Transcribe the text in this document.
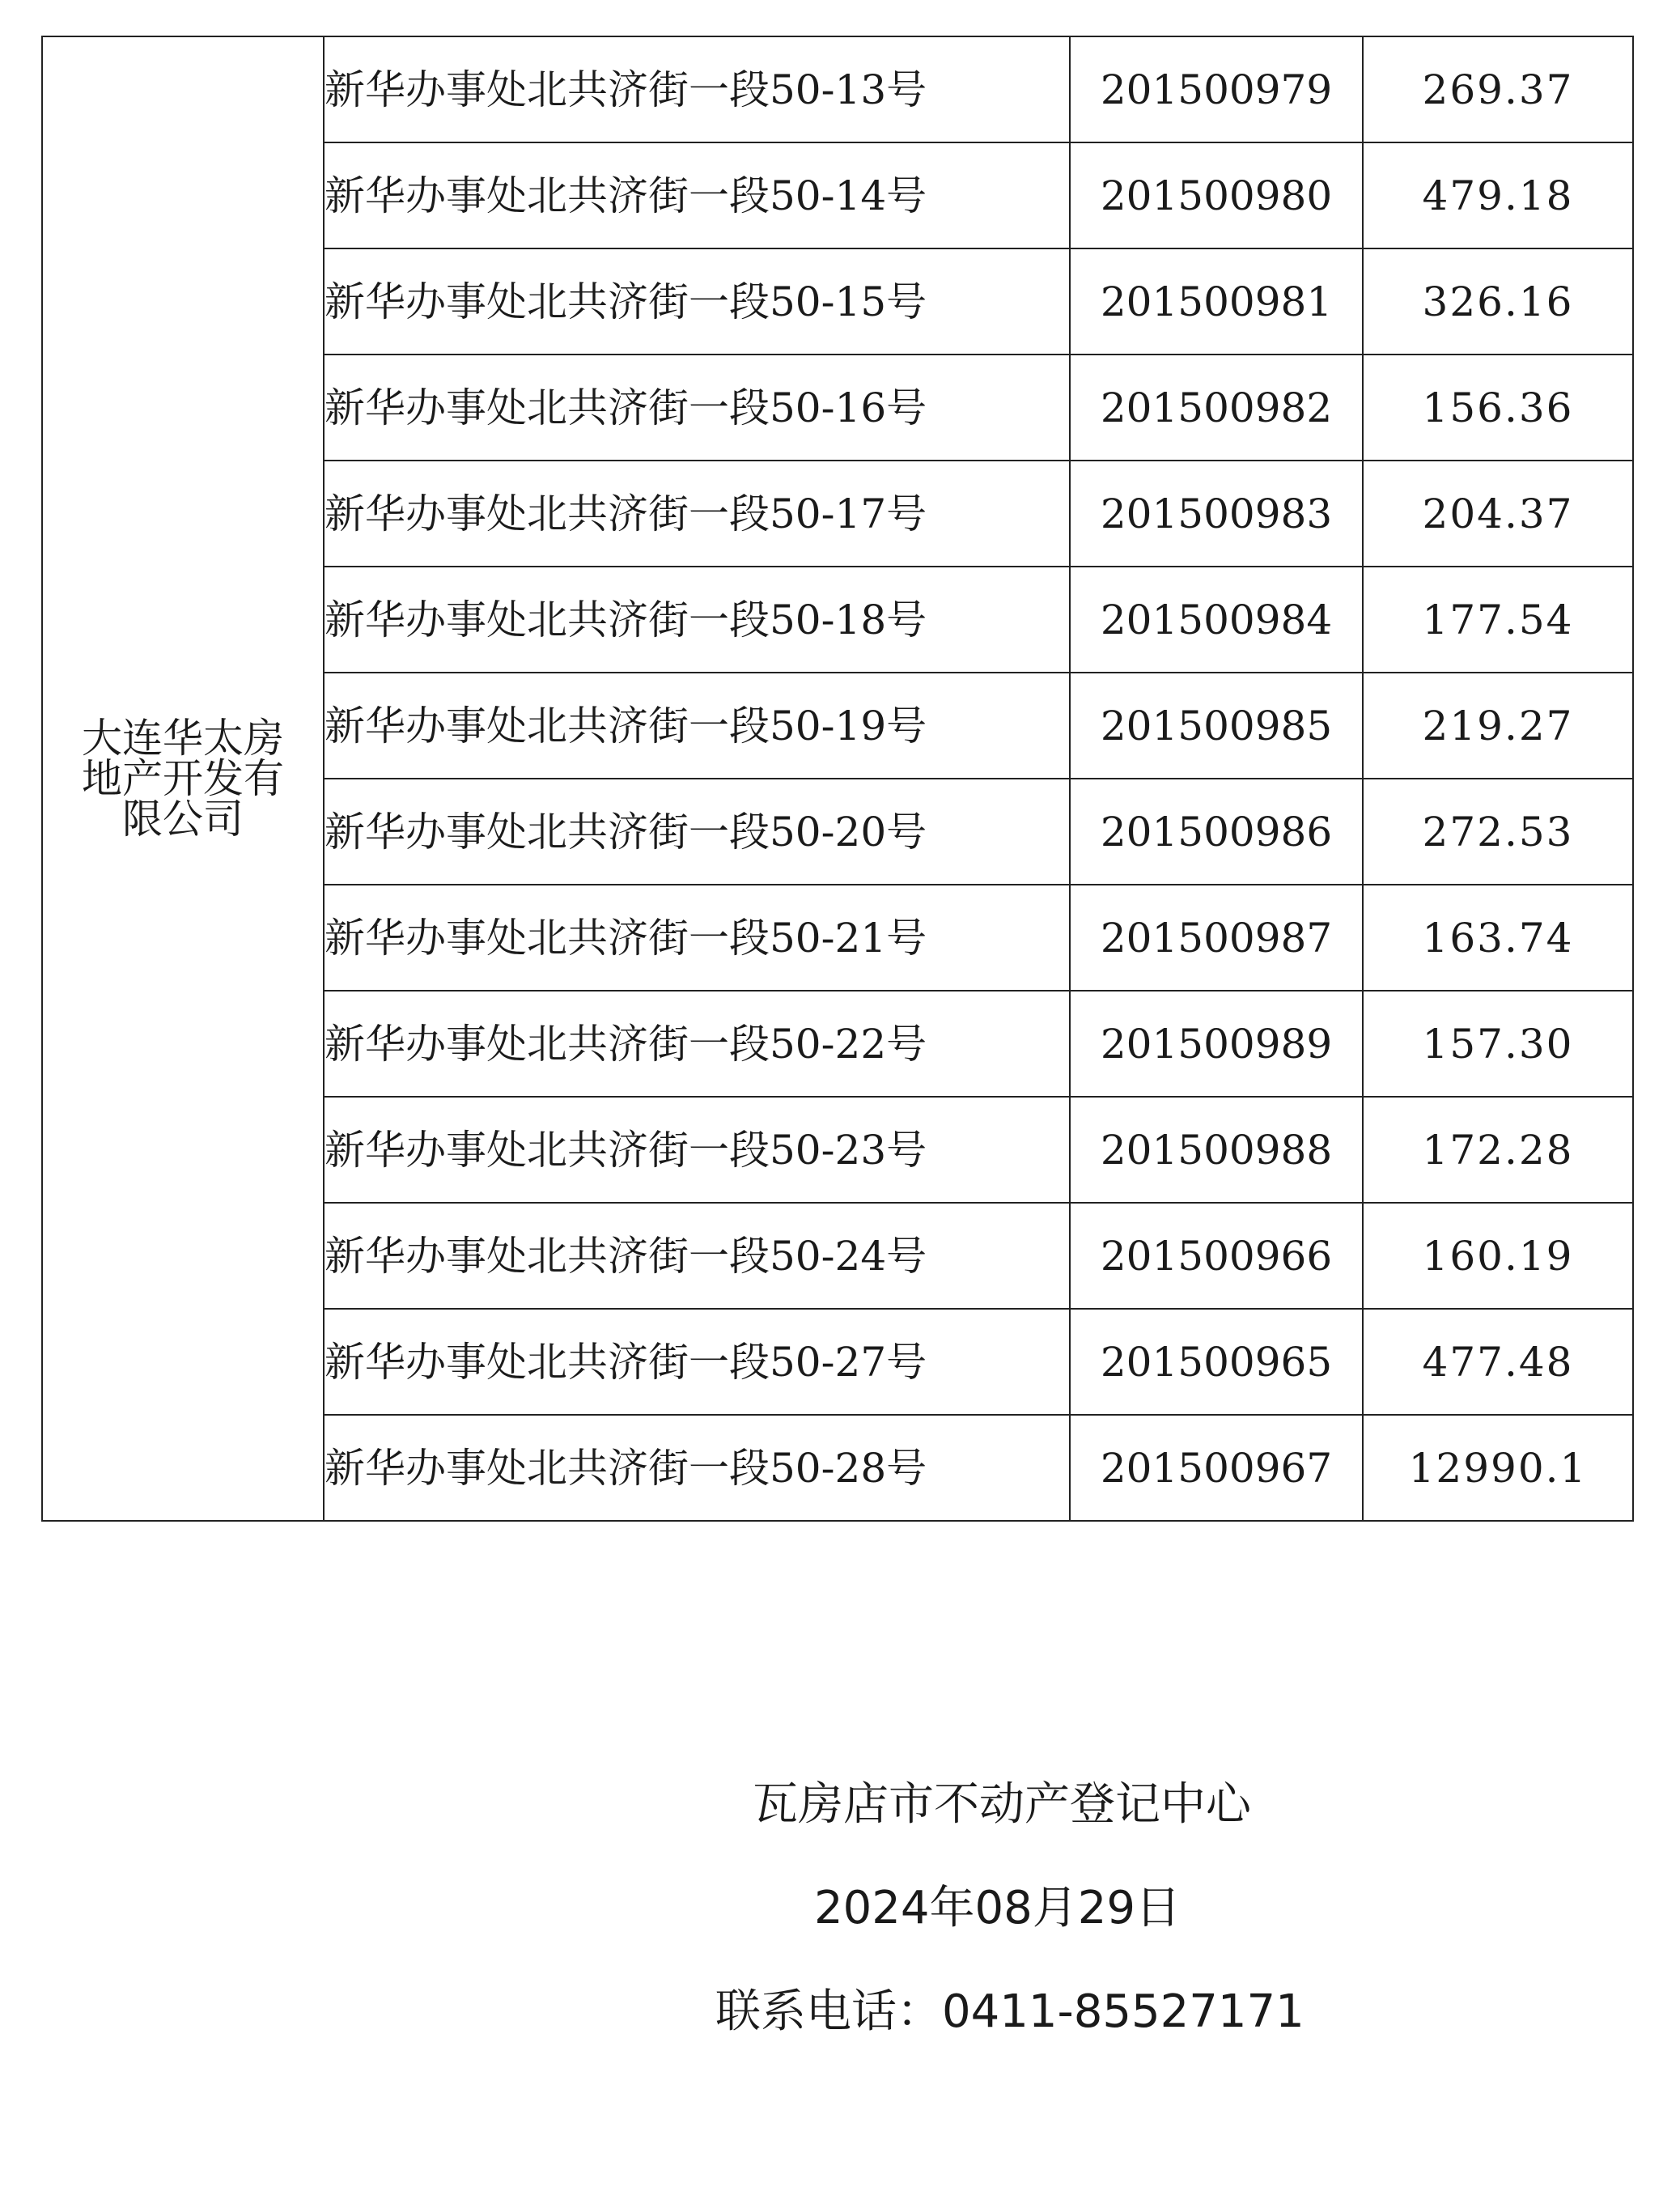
大连华太房
地产开发有
限公司	新华办事处北共济街一段50-13号	201500979	269.37
	新华办事处北共济街一段50-14号	201500980	479.18
	新华办事处北共济街一段50-15号	201500981	326.16
	新华办事处北共济街一段50-16号	201500982	156.36
	新华办事处北共济街一段50-17号	201500983	204.37
	新华办事处北共济街一段50-18号	201500984	177.54
	新华办事处北共济街一段50-19号	201500985	219.27
	新华办事处北共济街一段50-20号	201500986	272.53
	新华办事处北共济街一段50-21号	201500987	163.74
	新华办事处北共济街一段50-22号	201500989	157.30
	新华办事处北共济街一段50-23号	201500988	172.28
	新华办事处北共济街一段50-24号	201500966	160.19
	新华办事处北共济街一段50-27号	201500965	477.48
	新华办事处北共济街一段50-28号	201500967	12990.1
瓦房店市不动产登记中心
2024年08月29日
联系电话：0411-85527171
